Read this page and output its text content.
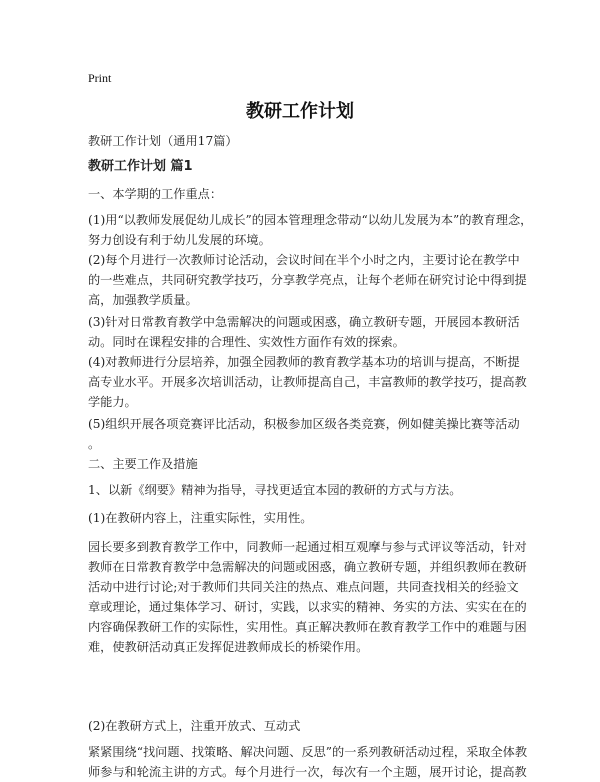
Print
教研工作计划
教研工作计划（通用17篇）
教研工作计划 篇1
一、本学期的工作重点：
(1)用“以教师发展促幼儿成长”的园本管理理念带动“以幼儿发展为本”的教育理念，
努力创设有利于幼儿发展的环境。
(2)每个月进行一次教师讨论活动，会议时间在半个小时之内，主要讨论在教学中
的一些难点，共同研究教学技巧，分享教学亮点，让每个老师在研究讨论中得到提
高，加强教学质量。
(3)针对日常教育教学中急需解决的问题或困惑，确立教研专题，开展园本教研活
动。同时在课程安排的合理性、实效性方面作有效的探索。
(4)对教师进行分层培养，加强全园教师的教育教学基本功的培训与提高，不断提
高专业水平。开展多次培训活动，让教师提高自己，丰富教师的教学技巧，提高教
学能力。
(5)组织开展各项竞赛评比活动，积极参加区级各类竞赛，例如健美操比赛等活动
。
二、主要工作及措施
1、以新《纲要》精神为指导，寻找更适宜本园的教研的方式与方法。
(1)在教研内容上，注重实际性，实用性。
园长要多到教育教学工作中，同教师一起通过相互观摩与参与式评议等活动，针对
教师在日常教育教学中急需解决的问题或困惑，确立教研专题，并组织教师在教研
活动中进行讨论;对于教师们共同关注的热点、难点问题，共同查找相关的经验文
章或理论，通过集体学习、研讨，实践，以求实的精神、务实的方法、实实在在的
内容确保教研工作的实际性，实用性。真正解决教师在教育教学工作中的难题与困
难，使教研活动真正发挥促进教师成长的桥梁作用。
(2)在教研方式上，注重开放式、互动式
紧紧围绕“找问题、找策略、解决问题、反思”的一系列教研活动过程，采取全体教
师参与和轮流主讲的方式。每个月进行一次，每次有一个主题，展开讨论，提高教
